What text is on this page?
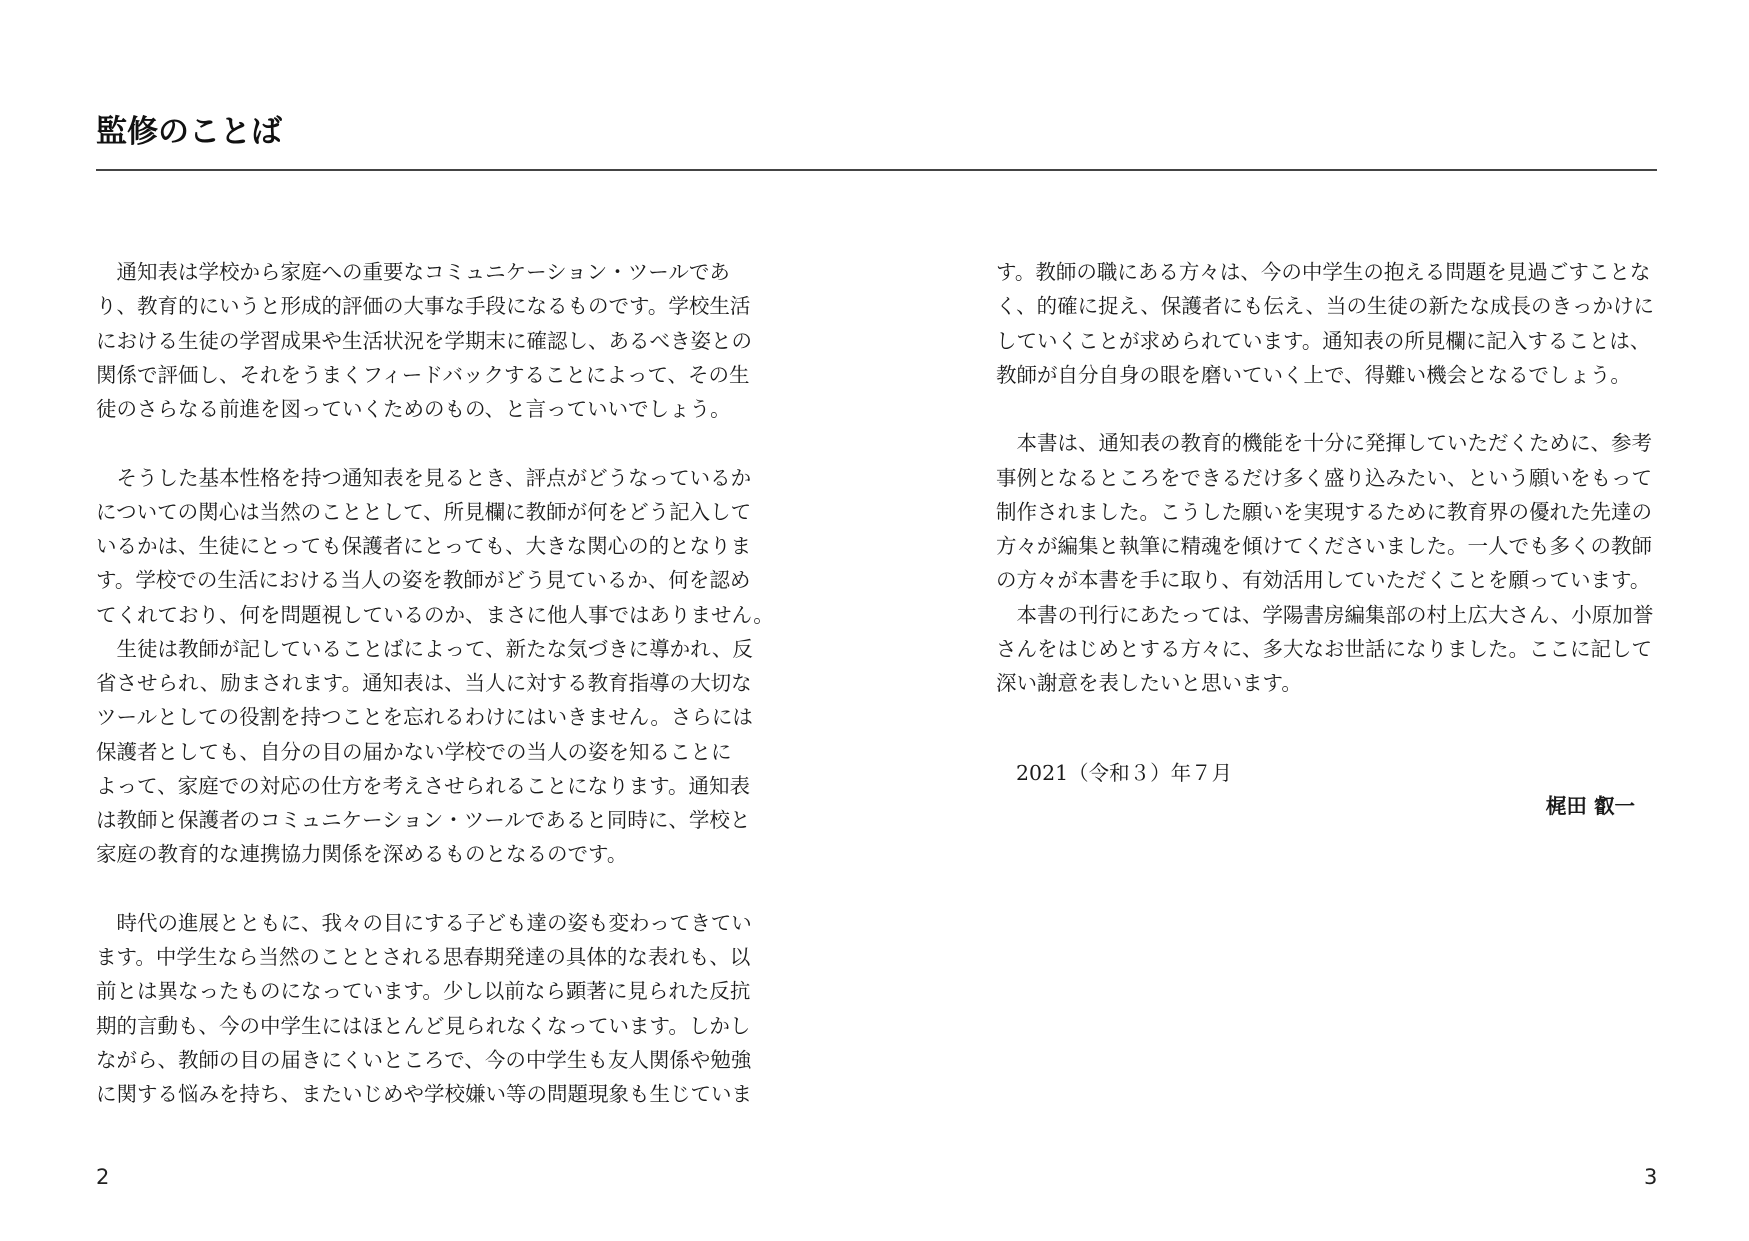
監修のことば
　通知表は学校から家庭への重要なコミュニケーション・ツールであ
り、教育的にいうと形成的評価の大事な手段になるものです。学校生活
における生徒の学習成果や生活状況を学期末に確認し、あるべき姿との
関係で評価し、それをうまくフィードバックすることによって、その生
徒のさらなる前進を図っていくためのもの、と言っていいでしょう。
　そうした基本性格を持つ通知表を見るとき、評点がどうなっているか
についての関心は当然のこととして、所見欄に教師が何をどう記入して
いるかは、生徒にとっても保護者にとっても、大きな関心の的となりま
す。学校での生活における当人の姿を教師がどう見ているか、何を認め
てくれており、何を問題視しているのか、まさに他人事ではありません。
　生徒は教師が記していることばによって、新たな気づきに導かれ、反
省させられ、励まされます。通知表は、当人に対する教育指導の大切な
ツールとしての役割を持つことを忘れるわけにはいきません。さらには
保護者としても、自分の目の届かない学校での当人の姿を知ることに
よって、家庭での対応の仕方を考えさせられることになります。通知表
は教師と保護者のコミュニケーション・ツールであると同時に、学校と
家庭の教育的な連携協力関係を深めるものとなるのです。
　時代の進展とともに、我々の目にする子ども達の姿も変わってきてい
ます。中学生なら当然のこととされる思春期発達の具体的な表れも、以
前とは異なったものになっています。少し以前なら顕著に見られた反抗
期的言動も、今の中学生にはほとんど見られなくなっています。しかし
ながら、教師の目の届きにくいところで、今の中学生も友人関係や勉強
に関する悩みを持ち、またいじめや学校嫌い等の問題現象も生じていま
す。教師の職にある方々は、今の中学生の抱える問題を見過ごすことな
く、的確に捉え、保護者にも伝え、当の生徒の新たな成長のきっかけに
していくことが求められています。通知表の所見欄に記入することは、
教師が自分自身の眼を磨いていく上で、得難い機会となるでしょう。
　本書は、通知表の教育的機能を十分に発揮していただくために、参考
事例となるところをできるだけ多く盛り込みたい、という願いをもって
制作されました。こうした願いを実現するために教育界の優れた先達の
方々が編集と執筆に精魂を傾けてくださいました。一人でも多くの教師
の方々が本書を手に取り、有効活用していただくことを願っています。
　本書の刊行にあたっては、学陽書房編集部の村上広大さん、小原加誉
さんをはじめとする方々に、多大なお世話になりました。ここに記して
深い謝意を表したいと思います。
2021（令和３）年７月
梶田 叡一
2	3
